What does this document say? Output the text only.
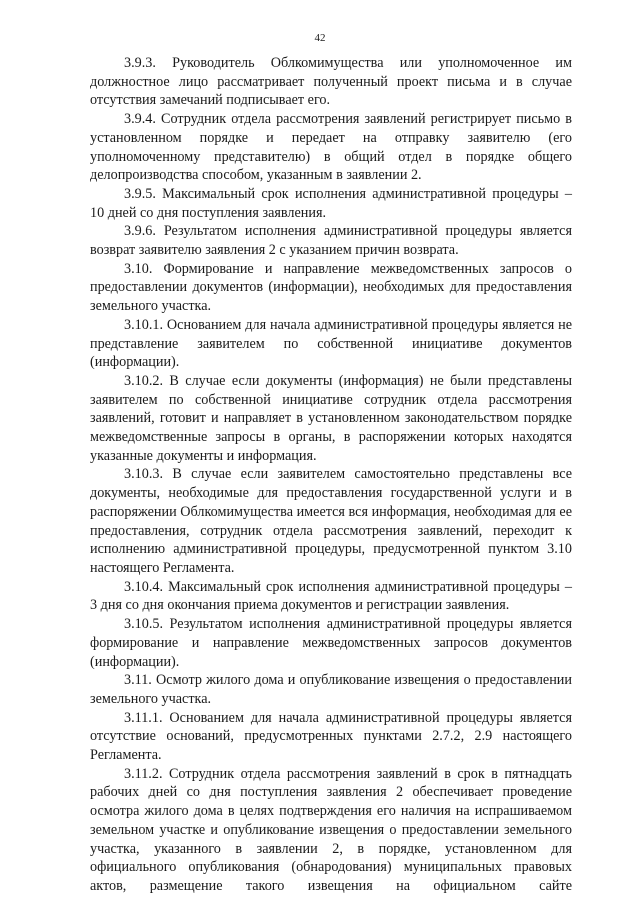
42

3.9.3. Руководитель Облкомимущества или уполномоченное им должностное лицо рассматривает полученный проект письма и в случае отсутствия замечаний подписывает его.

3.9.4. Сотрудник отдела рассмотрения заявлений регистрирует письмо в установленном порядке и передает на отправку заявителю (его уполномоченному представителю) в общий отдел в порядке общего делопроизводства способом, указанным в заявлении 2.

3.9.5. Максимальный срок исполнения административной процедуры – 10 дней со дня поступления заявления.

3.9.6. Результатом исполнения административной процедуры является возврат заявителю заявления 2 с указанием причин возврата.

3.10. Формирование и направление межведомственных запросов о предоставлении документов (информации), необходимых для предоставления земельного участка.

3.10.1. Основанием для начала административной процедуры является не представление заявителем по собственной инициативе документов (информации).

3.10.2. В случае если документы (информация) не были представлены заявителем по собственной инициативе сотрудник отдела рассмотрения заявлений, готовит и направляет в установленном законодательством порядке межведомственные запросы в органы, в распоряжении которых находятся указанные документы и информация.

3.10.3. В случае если заявителем самостоятельно представлены все документы, необходимые для предоставления государственной услуги и в распоряжении Облкомимущества имеется вся информация, необходимая для ее предоставления, сотрудник отдела рассмотрения заявлений, переходит к исполнению административной процедуры, предусмотренной пунктом 3.10 настоящего Регламента.

3.10.4. Максимальный срок исполнения административной процедуры – 3 дня со дня окончания приема документов и регистрации заявления.

3.10.5. Результатом исполнения административной процедуры является формирование и направление межведомственных запросов документов (информации).

3.11. Осмотр жилого дома и опубликование извещения о предоставлении земельного участка.

3.11.1. Основанием для начала административной процедуры является отсутствие оснований, предусмотренных пунктами 2.7.2, 2.9 настоящего Регламента.

3.11.2. Сотрудник отдела рассмотрения заявлений в срок в пятнадцать рабочих дней со дня поступления заявления 2 обеспечивает проведение осмотра жилого дома в целях подтверждения его наличия на испрашиваемом земельном участке и опубликование извещения о предоставлении земельного участка, указанного в заявлении 2, в порядке, установленном для официального опубликования (обнародования) муниципальных правовых актов, размещение такого извещения на официальном сайте
